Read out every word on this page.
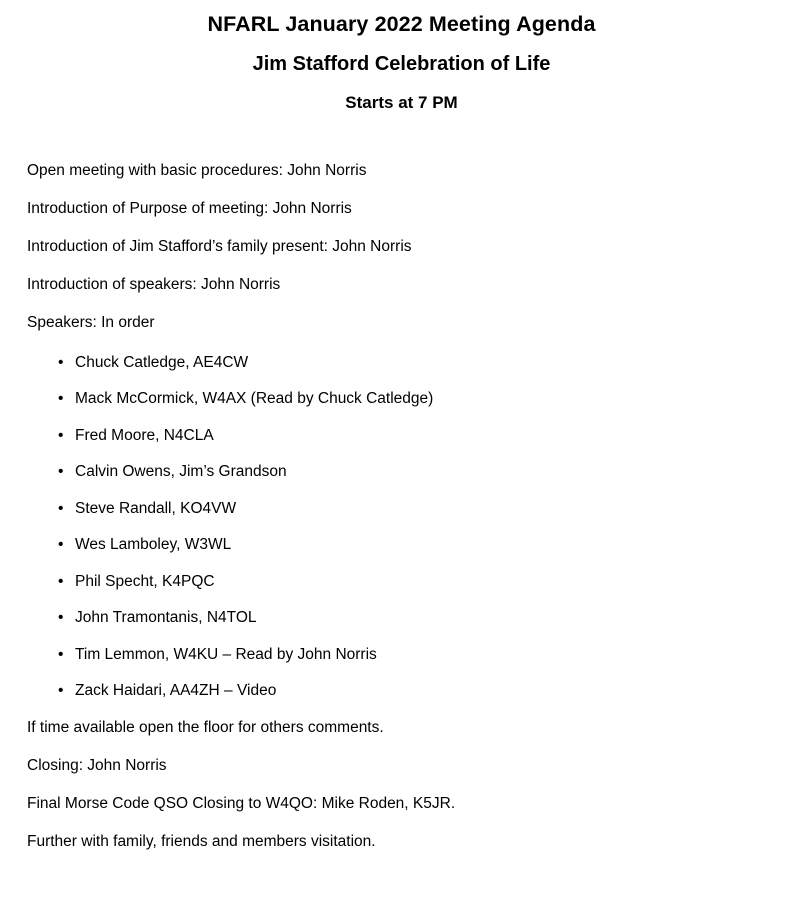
NFARL January 2022 Meeting Agenda
Jim Stafford Celebration of Life
Starts at 7 PM
Open meeting with basic procedures: John Norris
Introduction of Purpose of meeting: John Norris
Introduction of Jim Stafford’s family present: John Norris
Introduction of speakers: John Norris
Speakers: In order
• Chuck Catledge, AE4CW
• Mack McCormick, W4AX (Read by Chuck Catledge)
• Fred Moore, N4CLA
• Calvin Owens, Jim’s Grandson
• Steve Randall, KO4VW
• Wes Lamboley, W3WL
• Phil Specht, K4PQC
• John Tramontanis, N4TOL
• Tim Lemmon, W4KU – Read by John Norris
• Zack Haidari, AA4ZH – Video
If time available open the floor for others comments.
Closing: John Norris
Final Morse Code QSO Closing to W4QO: Mike Roden, K5JR.
Further with family, friends and members visitation.
